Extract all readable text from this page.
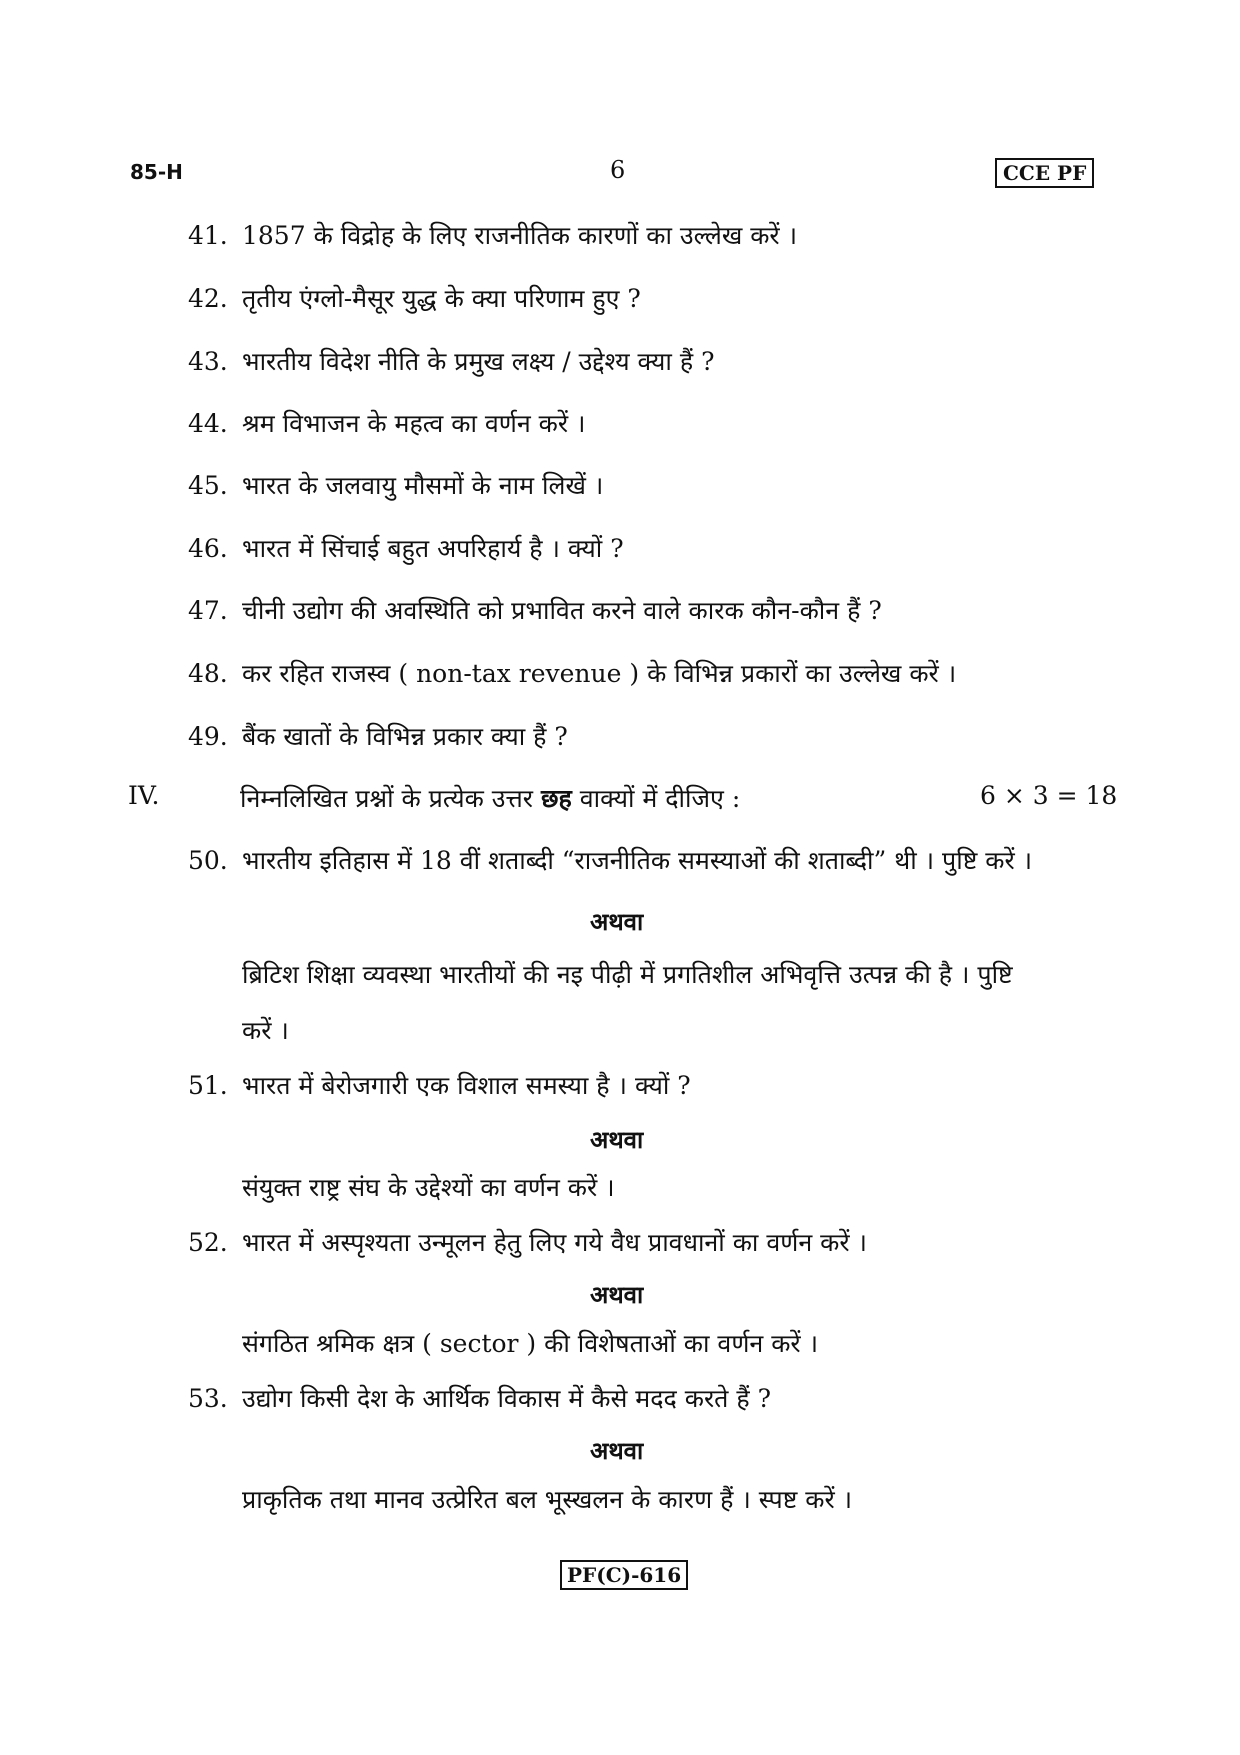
85-H	6	CCE PF
41. 1857 के विद्रोह के लिए राजनीतिक कारणों का उल्लेख करें ।
42. तृतीय एंग्लो-मैसूर युद्ध के क्या परिणाम हुए ?
43. भारतीय विदेश नीति के प्रमुख लक्ष्य / उद्देश्य क्या हैं ?
44. श्रम विभाजन के महत्व का वर्णन करें ।
45. भारत के जलवायु मौसमों के नाम लिखें ।
46. भारत में सिंचाई बहुत अपरिहार्य है । क्यों ?
47. चीनी उद्योग की अवस्थिति को प्रभावित करने वाले कारक कौन-कौन हैं ?
48. कर रहित राजस्व ( non-tax revenue ) के विभिन्न प्रकारों का उल्लेख करें ।
49. बैंक खातों के विभिन्न प्रकार क्या हैं ?
IV.	निम्नलिखित प्रश्नों के प्रत्येक उत्तर छह वाक्यों में दीजिए :	6 × 3 = 18
50. भारतीय इतिहास में 18 वीं शताब्दी “राजनीतिक समस्याओं की शताब्दी” थी । पुष्टि करें ।
अथवा
ब्रिटिश शिक्षा व्यवस्था भारतीयों की नइ पीढ़ी में प्रगतिशील अभिवृत्ति उत्पन्न की है । पुष्टि
करें ।
51. भारत में बेरोजगारी एक विशाल समस्या है । क्यों ?
अथवा
संयुक्त राष्ट्र संघ के उद्देश्यों का वर्णन करें ।
52. भारत में अस्पृश्यता उन्मूलन हेतु लिए गये वैध प्रावधानों का वर्णन करें ।
अथवा
संगठित श्रमिक क्षत्र ( sector ) की विशेषताओं का वर्णन करें ।
53. उद्योग किसी देश के आर्थिक विकास में कैसे मदद करते हैं ?
अथवा
प्राकृतिक तथा मानव उत्प्रेरित बल भूस्खलन के कारण हैं । स्पष्ट करें ।
PF(C)-616
